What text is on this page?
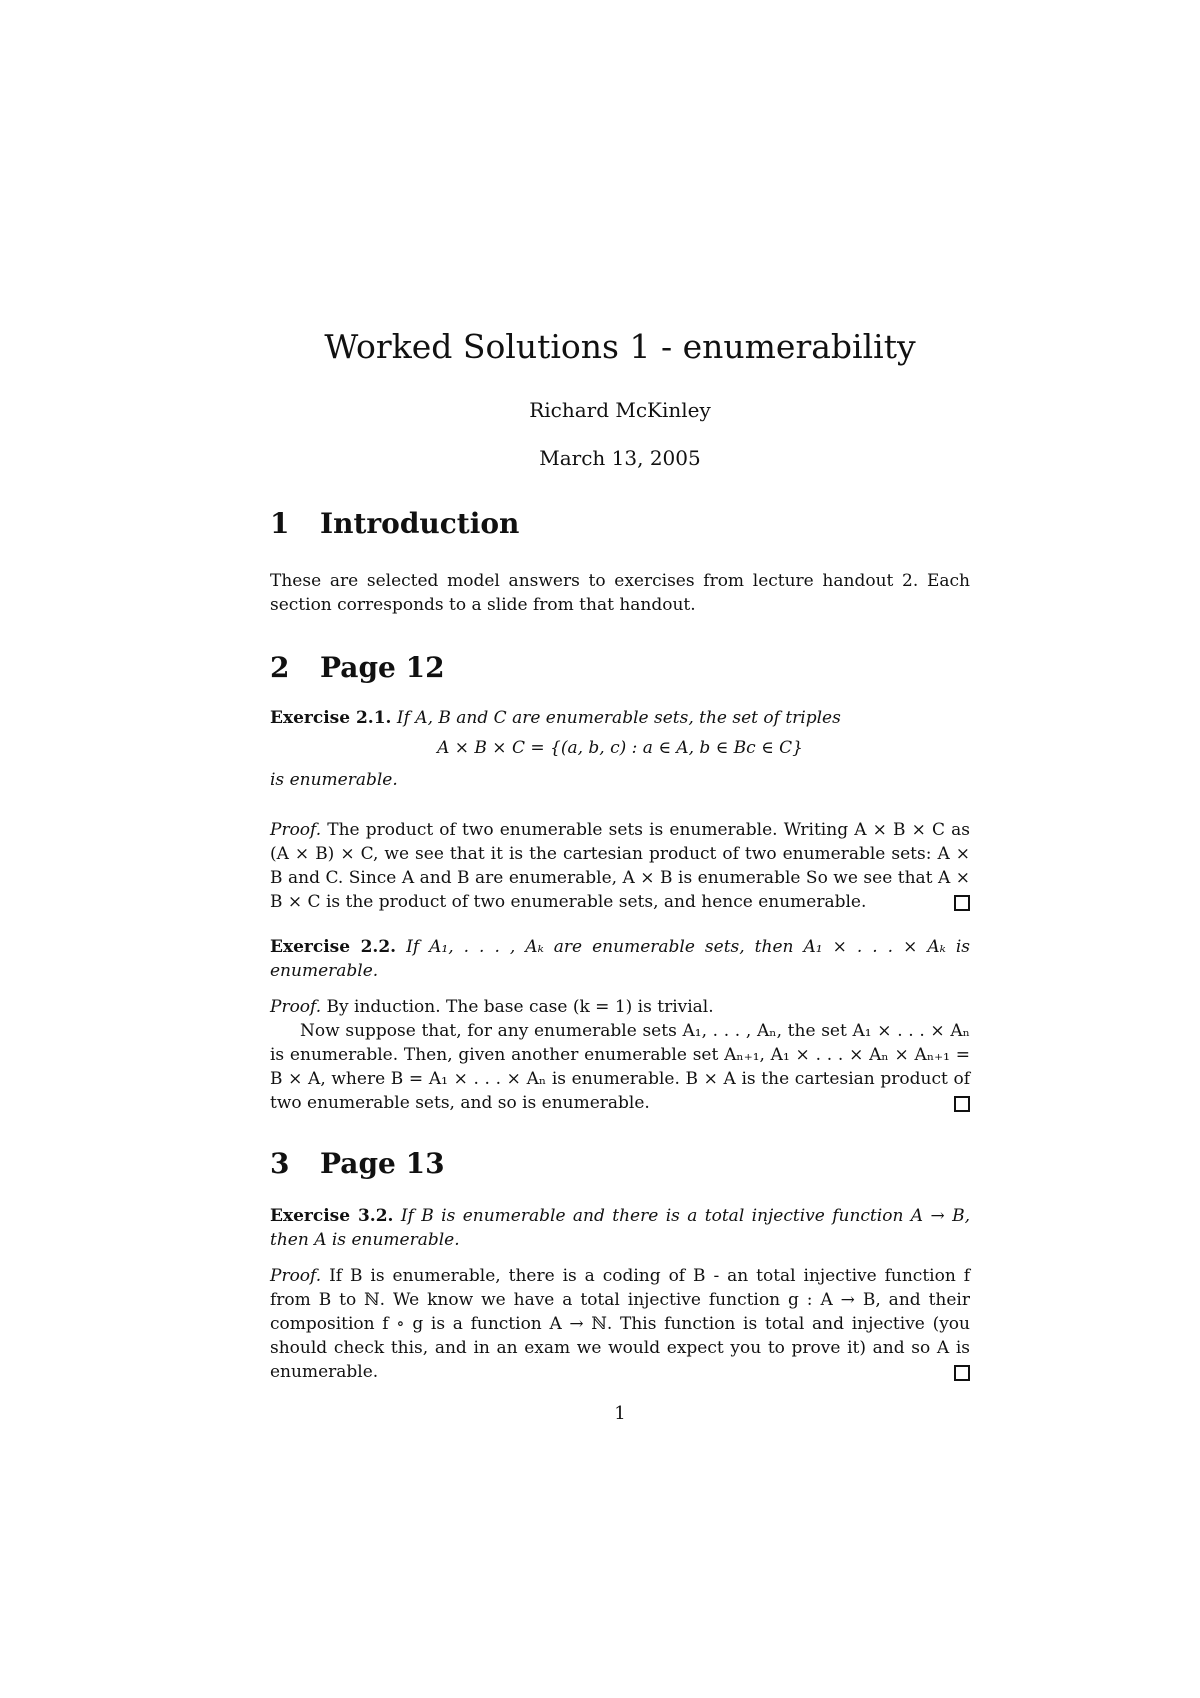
Worked Solutions 1 - enumerability
Richard McKinley
March 13, 2005
1 Introduction

These are selected model answers to exercises from lecture handout 2. Each section corresponds to a slide from that handout.

2 Page 12

Exercise 2.1. If A, B and C are enumerable sets, the set of triples

A × B × C = {(a, b, c) : a ∈ A, b ∈ Bc ∈ C}

is enumerable.

Proof. The product of two enumerable sets is enumerable. Writing A × B × C as (A × B) × C, we see that it is the cartesian product of two enumerable sets: A × B and C. Since A and B are enumerable, A × B is enumerable So we see that A × B × C is the product of two enumerable sets, and hence enumerable.

Exercise 2.2. If A₁, . . . , Aₖ are enumerable sets, then A₁ × . . . × Aₖ is enumerable.

Proof. By induction. The base case (k = 1) is trivial.

Now suppose that, for any enumerable sets A₁, . . . , Aₙ, the set A₁ × . . . × Aₙ is enumerable. Then, given another enumerable set Aₙ₊₁, A₁ × . . . × Aₙ × Aₙ₊₁ = B × A, where B = A₁ × . . . × Aₙ is enumerable. B × A is the cartesian product of two enumerable sets, and so is enumerable.

3 Page 13

Exercise 3.2. If B is enumerable and there is a total injective function A → B, then A is enumerable.

Proof. If B is enumerable, there is a coding of B - an total injective function f from B to ℕ. We know we have a total injective function g : A → B, and their composition f ∘ g is a function A → ℕ. This function is total and injective (you should check this, and in an exam we would expect you to prove it) and so A is enumerable.

1
